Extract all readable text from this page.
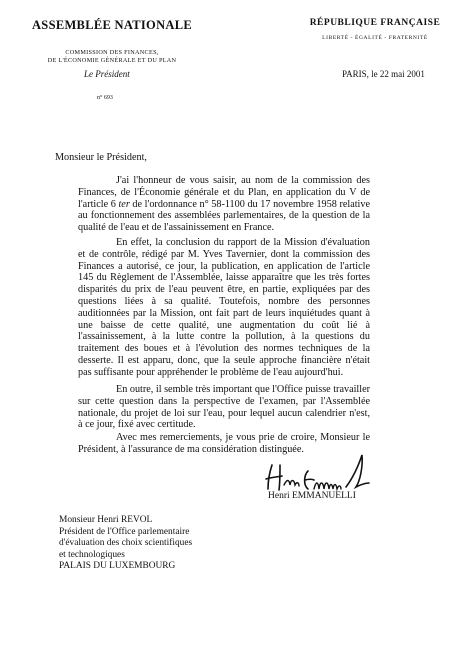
ASSEMBLÉE NATIONALE
COMMISSION DES FINANCES,
DE L'ÉCONOMIE GÉNÉRALE ET DU PLAN
RÉPUBLIQUE FRANÇAISE
LIBERTÉ - ÉGALITÉ - FRATERNITÉ
Le Président	PARIS, le 22 mai 2001
n° 693
Monsieur le Président,
J'ai l'honneur de vous saisir, au nom de la commission des Finances, de l'Économie générale et du Plan, en application du V de l'article 6 ter de l'ordonnance n° 58-1100 du 17 novembre 1958 relative au fonctionnement des assemblées parlementaires, de la question de la qualité de l'eau et de l'assainissement en France.
En effet, la conclusion du rapport de la Mission d'évaluation et de contrôle, rédigé par M. Yves Tavernier, dont la commission des Finances a autorisé, ce jour, la publication, en application de l'article 145 du Règlement de l'Assemblée, laisse apparaître que les très fortes disparités du prix de l'eau peuvent être, en partie, expliquées par des questions liées à sa qualité. Toutefois, nombre des personnes auditionnées par la Mission, ont fait part de leurs inquiétudes quant à une baisse de cette qualité, une augmentation du coût lié à l'assainissement, à la lutte contre la pollution, à la questions du traitement des boues et à l'évolution des normes techniques de la desserte. Il est apparu, donc, que la seule approche financière n'était pas suffisante pour appréhender le problème de l'eau aujourd'hui.
En outre, il semble très important que l'Office puisse travailler sur cette question dans la perspective de l'examen, par l'Assemblée nationale, du projet de loi sur l'eau, pour lequel aucun calendrier n'est, à ce jour, fixé avec certitude.
Avec mes remerciements, je vous prie de croire, Monsieur le Président, à l'assurance de ma considération distinguée.
Henri EMMANUELLI
Monsieur Henri REVOL
Président de l'Office parlementaire
d'évaluation des choix scientifiques
et technologiques
PALAIS DU LUXEMBOURG
